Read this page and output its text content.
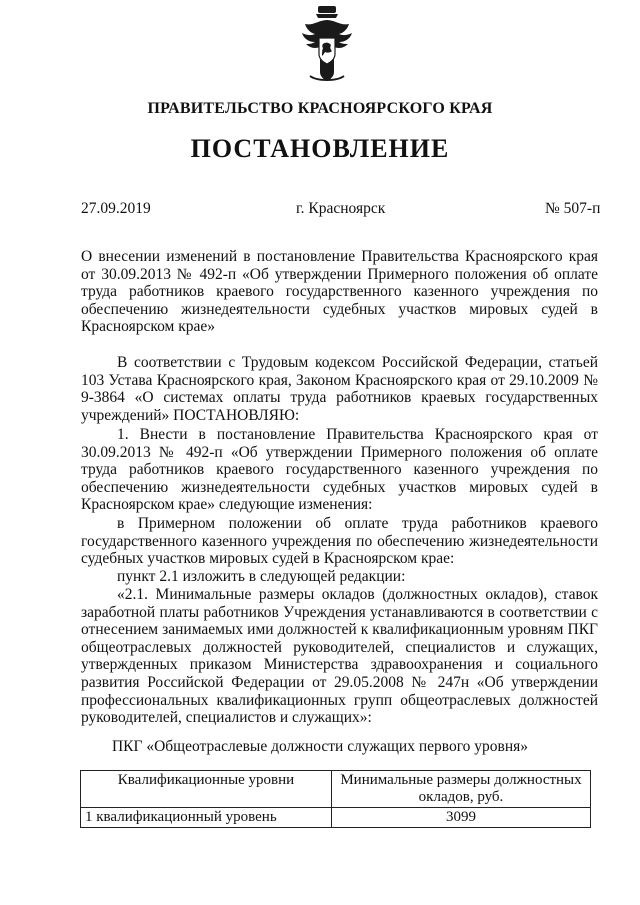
ПРАВИТЕЛЬСТВО КРАСНОЯРСКОГО КРАЯ
ПОСТАНОВЛЕНИЕ
27.09.2019	г. Красноярск	№ 507-п

О внесении изменений в постановление Правительства Красноярского края от 30.09.2013 № 492-п «Об утверждении Примерного положения об оплате труда работников краевого государственного казенного учреждения по обеспечению жизнедеятельности судебных участков мировых судей в Красноярском крае»

В соответствии с Трудовым кодексом Российской Федерации, статьей 103 Устава Красноярского края, Законом Красноярского края от 29.10.2009 № 9-3864 «О системах оплаты труда работников краевых государственных учреждений» ПОСТАНОВЛЯЮ:

1. Внести в постановление Правительства Красноярского края от 30.09.2013 № 492-п «Об утверждении Примерного положения об оплате труда работников краевого государственного казенного учреждения по обеспечению жизнедеятельности судебных участков мировых судей в Красноярском крае» следующие изменения:

в Примерном положении об оплате труда работников краевого государственного казенного учреждения по обеспечению жизнедеятельности судебных участков мировых судей в Красноярском крае:

пункт 2.1 изложить в следующей редакции:

«2.1. Минимальные размеры окладов (должностных окладов), ставок заработной платы работников Учреждения устанавливаются в соответствии с отнесением занимаемых ими должностей к квалификационным уровням ПКГ общеотраслевых должностей руководителей, специалистов и служащих, утвержденных приказом Министерства здравоохранения и социального развития Российской Федерации от 29.05.2008 № 247н «Об утверждении профессиональных квалификационных групп общеотраслевых должностей руководителей, специалистов и служащих»:

ПКГ «Общеотраслевые должности служащих первого уровня»
Квалификационные уровни	Минимальные размеры должностных окладов, руб.
1 квалификационный уровень	3099
